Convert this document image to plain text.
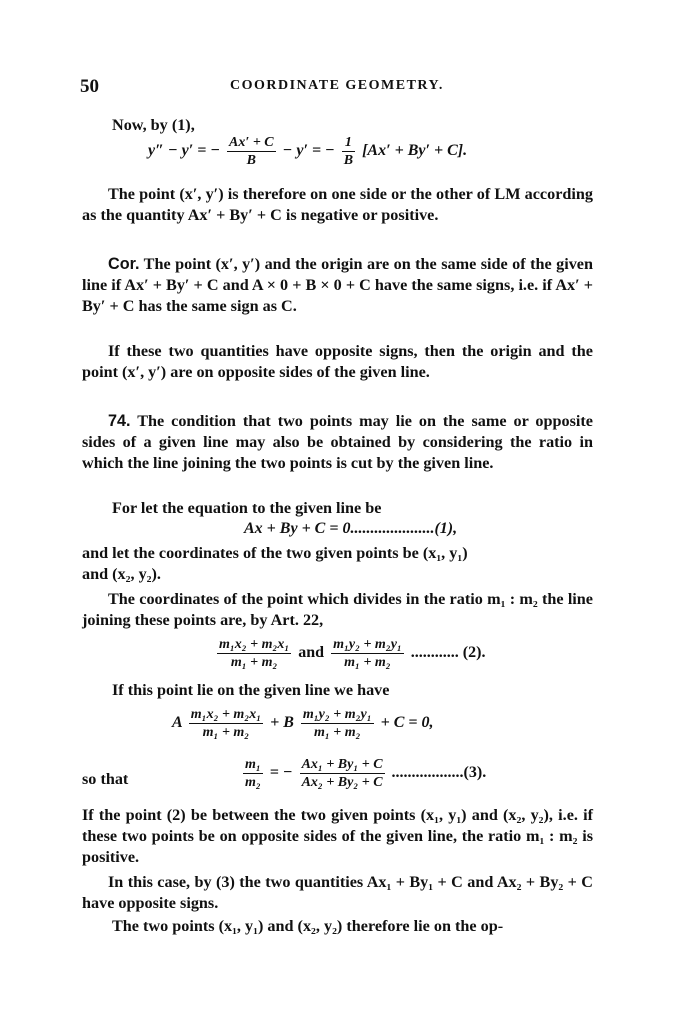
50	COORDINATE GEOMETRY.
Now, by (1),
y″ − y′ = − $\frac{Ax' + C}{B} - y'$ = − $\frac{1}{B} [Ax' + By' + C]$.
The point (x′, y′) is therefore on one side or the other of LM according as the quantity Ax′ + By′ + C is negative or positive.
Cor. The point (x′, y′) and the origin are on the same side of the given line if Ax′ + By′ + C and A × 0 + B × 0 + C have the same signs, i.e. if Ax′ + By′ + C has the same sign as C.
If these two quantities have opposite signs, then the origin and the point (x′, y′) are on opposite sides of the given line.
74. The condition that two points may lie on the same or opposite sides of a given line may also be obtained by considering the ratio in which the line joining the two points is cut by the given line.
For let the equation to the given line be
Ax + By + C = 0.....................(1),
and let the coordinates of the two given points be (x₁, y₁)
and (x₂, y₂).
The coordinates of the point which divides in the ratio m₁ : m₂ the line joining these points are, by Art. 22,
$\frac{\text{m₁x₂ + m₂x₁}}{\text{m₁ + m₂}}$ and $\frac{\text{m₁y₂ + m₂y₁}}{\text{m₁ + m₂}}$ ............ (2).
If this point lie on the given line we have
A $\frac{\text{m₁x₂ + m₂x₁}}{\text{m₁ + m₂}} + B \frac{\text{m₁y₂ + m₂y₁}}{\text{m₁ + m₂}} + C = 0$,
so that	$\frac{\text{m₁}}{\text{m₂}}$ = − $\frac{\text{Ax₁ + By₁ + C}}{\text{Ax₂ + By₂ + C}} ..................(3)$.
If the point (2) be between the two given points (x₁, y₁) and (x₂, y₂), i.e. if these two points be on opposite sides of the given line, the ratio m₁ : m₂ is positive.
In this case, by (3) the two quantities Ax₁ + By₁ + C and Ax₂ + By₂ + C have opposite signs.
The two points (x₁, y₁) and (x₂, y₂) therefore lie on the op-
